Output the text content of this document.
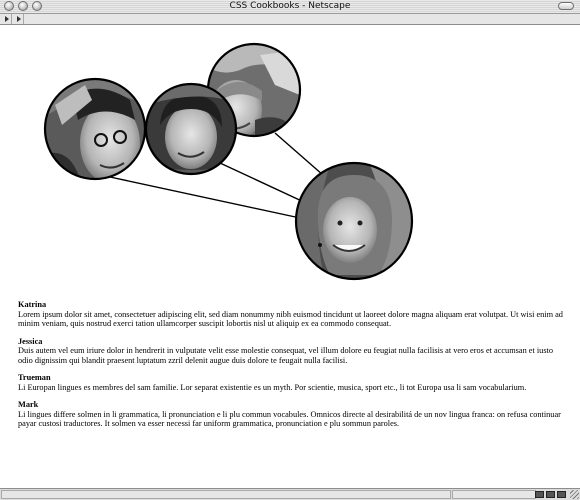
CSS Cookbooks - Netscape
Katrina

Lorem ipsum dolor sit amet, consectetuer adipiscing elit, sed diam nonummy nibh euismod tincidunt ut laoreet dolore magna aliquam erat volutpat. Ut wisi enim ad minim veniam, quis nostrud exerci tation ullamcorper suscipit lobortis nisl ut aliquip ex ea commodo consequat.

Jessica

Duis autem vel eum iriure dolor in hendrerit in vulputate velit esse molestie consequat, vel illum dolore eu feugiat nulla facilisis at vero eros et accumsan et iusto odio dignissim qui blandit praesent luptatum zzril delenit augue duis dolore te feugait nulla facilisi.

Trueman

Li Europan lingues es membres del sam familie. Lor separat existentie es un myth. Por scientie, musica, sport etc., li tot Europa usa li sam vocabularium.

Mark

Li lingues differe solmen in li grammatica, li pronunciation e li plu commun vocabules. Omnicos directe al desirabilitá de un nov lingua franca: on refusa continuar payar custosi traductores. It solmen va esser necessi far uniform grammatica, pronunciation e plu sommun paroles.
